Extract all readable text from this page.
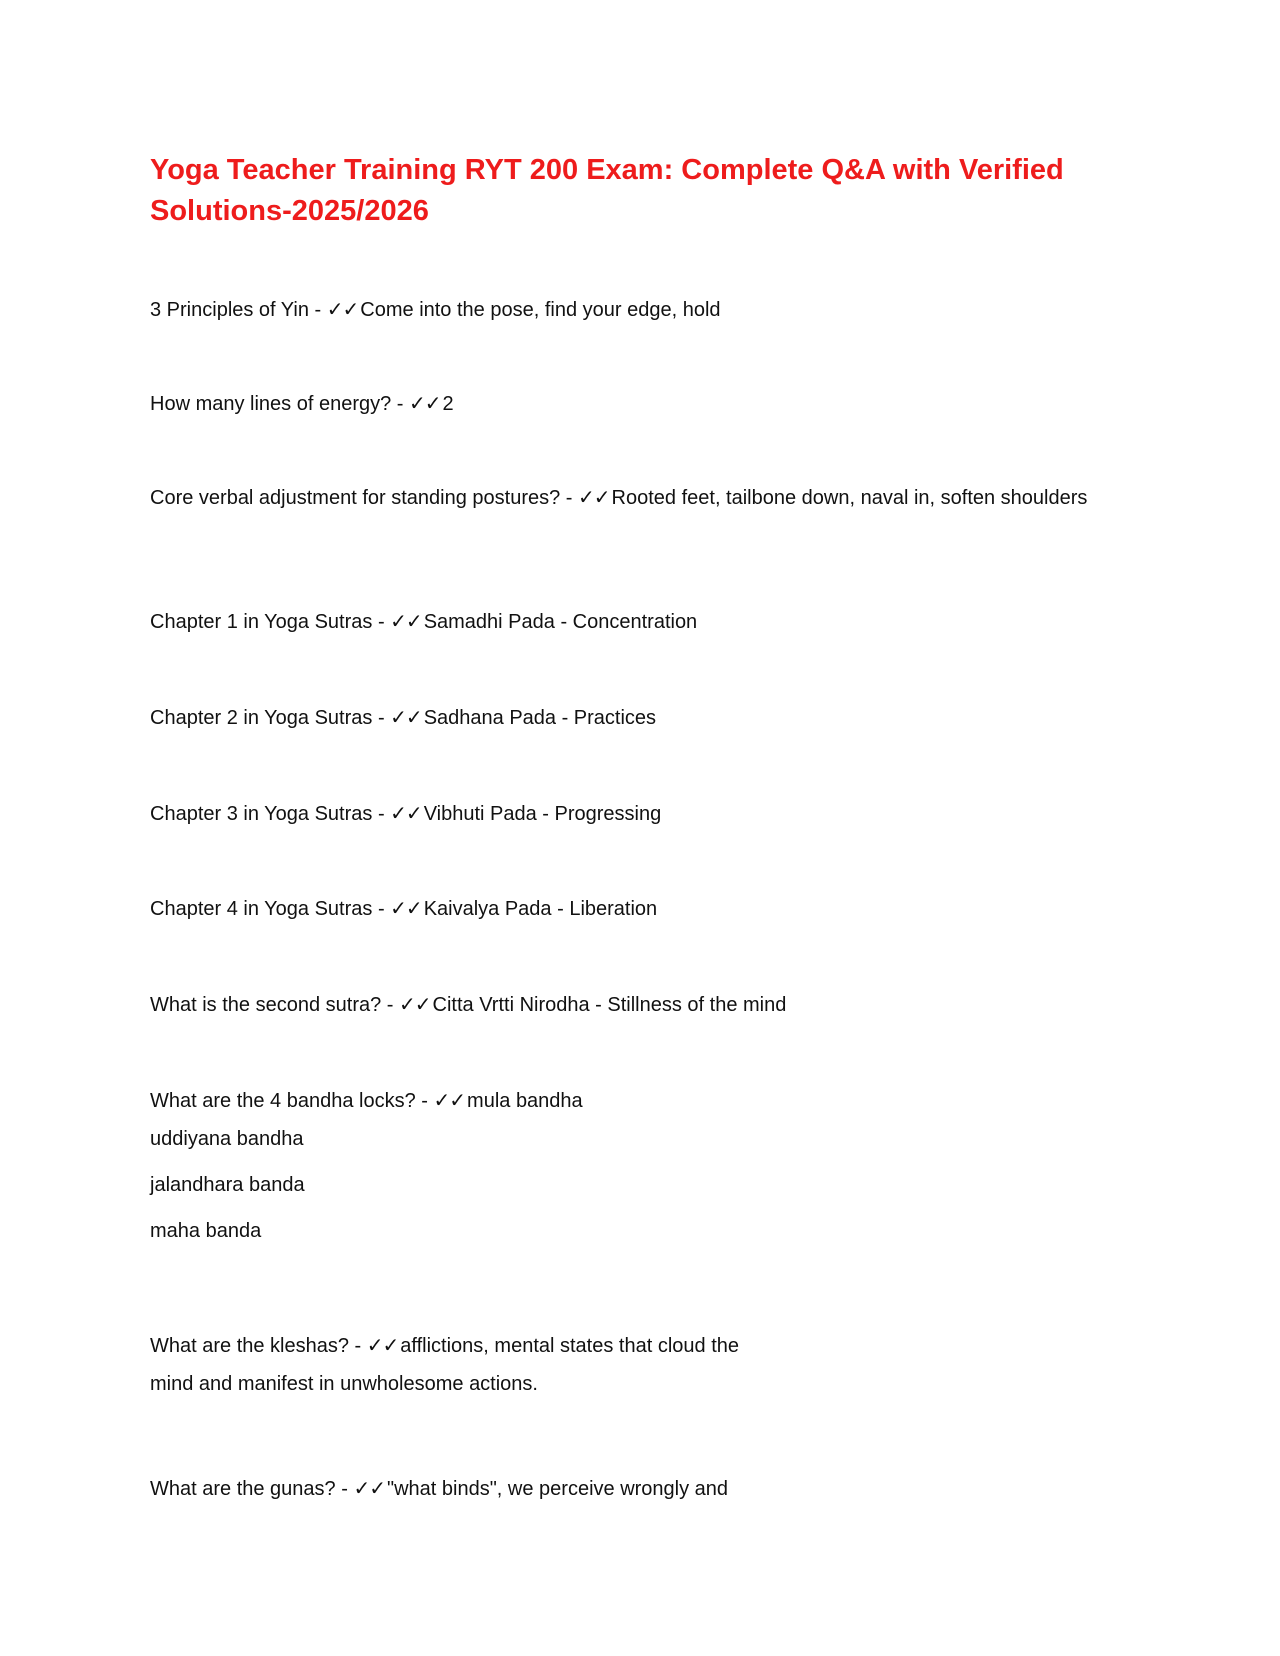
Yoga Teacher Training RYT 200 Exam: Complete Q&A with Verified Solutions-2025/2026
3 Principles of Yin - ✓✓ Come into the pose, find your edge, hold
How many lines of energy? - ✓✓ 2
Core verbal adjustment for standing postures? - ✓✓ Rooted feet, tailbone down, naval in, soften shoulders
Chapter 1 in Yoga Sutras - ✓✓ Samadhi Pada - Concentration
Chapter 2 in Yoga Sutras - ✓✓ Sadhana Pada - Practices
Chapter 3 in Yoga Sutras - ✓✓ Vibhuti Pada - Progressing
Chapter 4 in Yoga Sutras - ✓✓ Kaivalya Pada - Liberation
What is the second sutra? - ✓✓ Citta Vrtti Nirodha - Stillness of the mind
What are the 4 bandha locks? - ✓✓ mula bandha
uddiyana bandha
jalandhara banda
maha banda
What are the kleshas? - ✓✓ afflictions, mental states that cloud the
mind and manifest in unwholesome actions.
What are the gunas? - ✓✓ "what binds", we perceive wrongly and
